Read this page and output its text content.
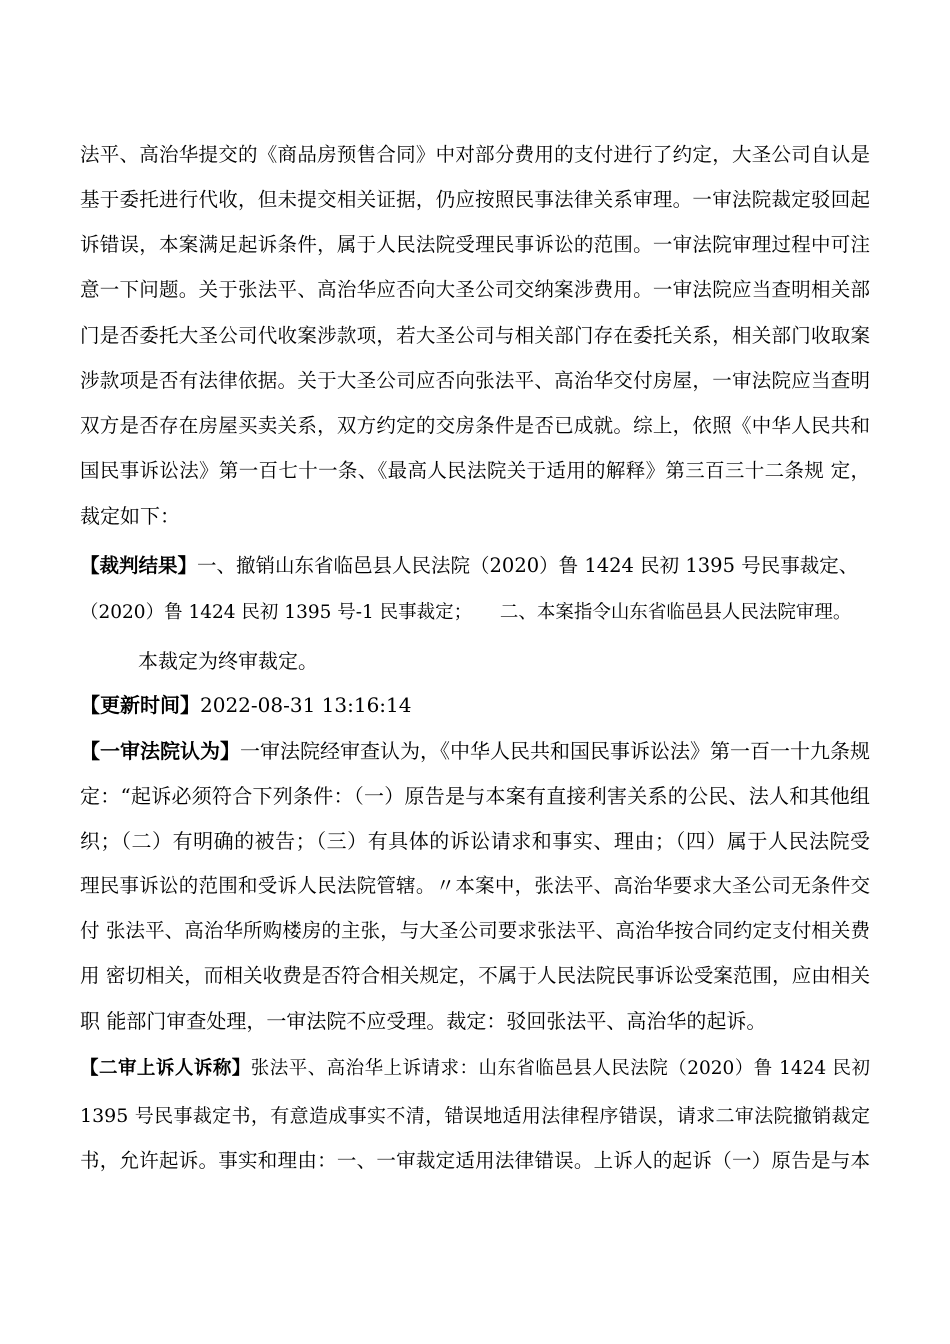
法平、高治华提交的《商品房预售合同》中对部分费用的支付进行了约定，大圣公司自认是
基于委托进行代收，但未提交相关证据，仍应按照民事法律关系审理。一审法院裁定驳回起
诉错误，本案满足起诉条件，属于人民法院受理民事诉讼的范围。一审法院审理过程中可注
意一下问题。关于张法平、高治华应否向大圣公司交纳案涉费用。一审法院应当查明相关部
门是否委托大圣公司代收案涉款项，若大圣公司与相关部门存在委托关系，相关部门收取案
涉款项是否有法律依据。关于大圣公司应否向张法平、高治华交付房屋，一审法院应当查明
双方是否存在房屋买卖关系，双方约定的交房条件是否已成就。综上，依照《中华人民共和
国民事诉讼法》第一百七十一条、《最高人民法院关于适用的解释》第三百三十二条规 定，
裁定如下：
【裁判结果】一、撤销山东省临邑县人民法院（2020）鲁 1424 民初 1395 号民事裁定、
（2020）鲁 1424 民初 1395 号-1 民事裁定；　　二、本案指令山东省临邑县人民法院审理。
本裁定为终审裁定。
【更新时间】2022-08-31 13:16:14
【一审法院认为】一审法院经审查认为，《中华人民共和国民事诉讼法》第一百一十九条规
定：“起诉必须符合下列条件：（一）原告是与本案有直接利害关系的公民、法人和其他组
织；（二）有明确的被告；（三）有具体的诉讼请求和事实、理由；（四）属于人民法院受
理民事诉讼的范围和受诉人民法院管辖。〃本案中，张法平、高治华要求大圣公司无条件交
付 张法平、高治华所购楼房的主张，与大圣公司要求张法平、高治华按合同约定支付相关费
用 密切相关，而相关收费是否符合相关规定，不属于人民法院民事诉讼受案范围，应由相关
职 能部门审查处理，一审法院不应受理。裁定：驳回张法平、高治华的起诉。
【二审上诉人诉称】张法平、高治华上诉请求：山东省临邑县人民法院（2020）鲁 1424 民初
1395 号民事裁定书，有意造成事实不清，错误地适用法律程序错误，请求二审法院撤销裁定
书，允许起诉。事实和理由：一、一审裁定适用法律错误。上诉人的起诉（一）原告是与本
